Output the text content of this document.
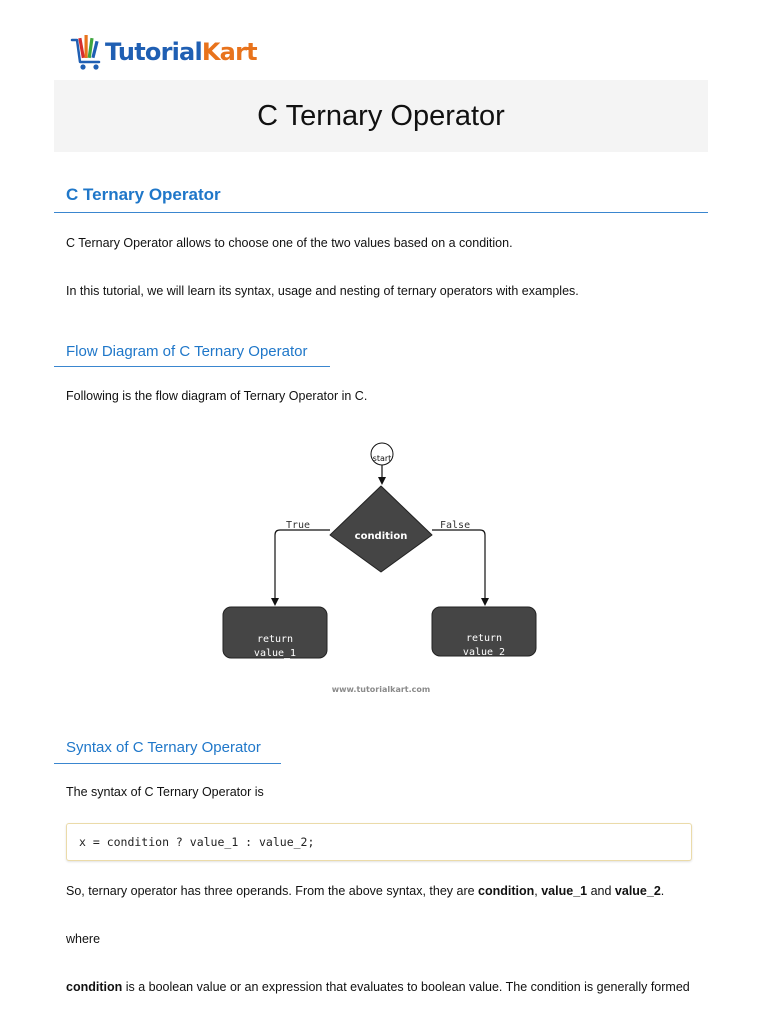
TutorialKart
C Ternary Operator
C Ternary Operator

C Ternary Operator allows to choose one of the two values based on a condition.

In this tutorial, we will learn its syntax, usage and nesting of ternary operators with examples.

Flow Diagram of C Ternary Operator

Following is the flow diagram of Ternary Operator in C.

start
condition
True	False
return
value_1
return
value_2
www.tutorialkart.com
Syntax of C Ternary Operator

The syntax of C Ternary Operator is

x = condition ? value_1 : value_2;

So, ternary operator has three operands. From the above syntax, they are condition, value_1 and value_2.

where

condition is a boolean value or an expression that evaluates to boolean value. The condition is generally formed
